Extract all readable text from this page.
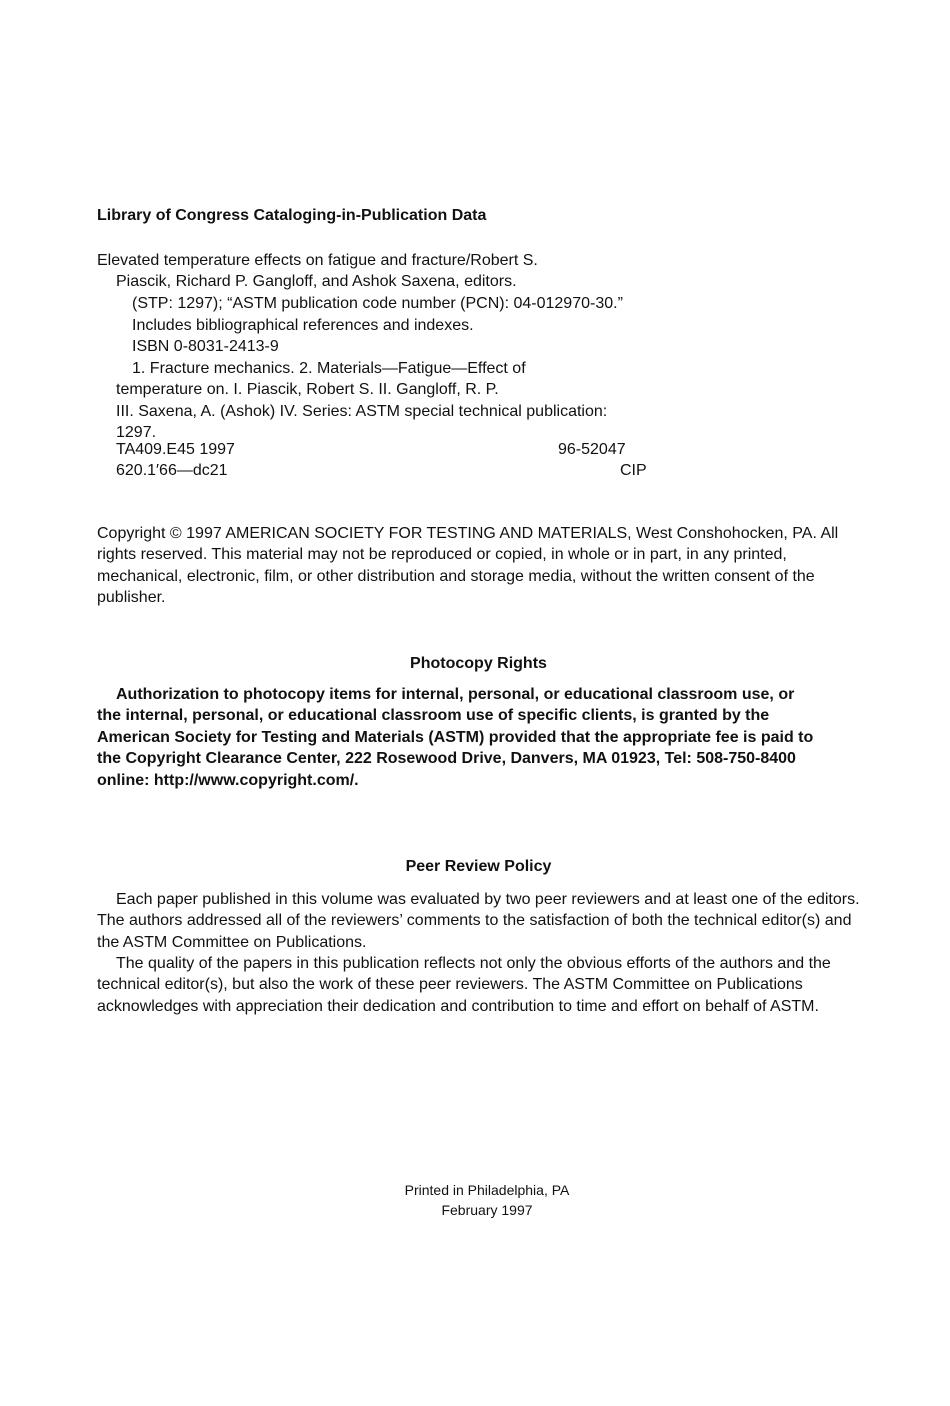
Library of Congress Cataloging-in-Publication Data
Elevated temperature effects on fatigue and fracture/Robert S.
Piascik, Richard P. Gangloff, and Ashok Saxena, editors.
(STP: 1297); “ASTM publication code number (PCN): 04-012970-30.”
Includes bibliographical references and indexes.
ISBN 0-8031-2413-9
1. Fracture mechanics. 2. Materials—Fatigue—Effect of
temperature on. I. Piascik, Robert S. II. Gangloff, R. P.
III. Saxena, A. (Ashok) IV. Series: ASTM special technical publication:
1297.
TA409.E45 1997	96-52047
620.1′66—dc21	CIP
Copyright © 1997 AMERICAN SOCIETY FOR TESTING AND MATERIALS, West Conshohocken, PA. All rights reserved. This material may not be reproduced or copied, in whole or in part, in any printed, mechanical, electronic, film, or other distribution and storage media, without the written consent of the publisher.
Photocopy Rights
Authorization to photocopy items for internal, personal, or educational classroom use, or
the internal, personal, or educational classroom use of specific clients, is granted by the
American Society for Testing and Materials (ASTM) provided that the appropriate fee is paid to
the Copyright Clearance Center, 222 Rosewood Drive, Danvers, MA 01923, Tel: 508-750-8400
online: http://www.copyright.com/.
Peer Review Policy
Each paper published in this volume was evaluated by two peer reviewers and at least one of the editors. The authors addressed all of the reviewers’ comments to the satisfaction of both the technical editor(s) and the ASTM Committee on Publications.
The quality of the papers in this publication reflects not only the obvious efforts of the authors and the technical editor(s), but also the work of these peer reviewers. The ASTM Committee on Publications acknowledges with appreciation their dedication and contribution to time and effort on behalf of ASTM.
Printed in Philadelphia, PA
February 1997
